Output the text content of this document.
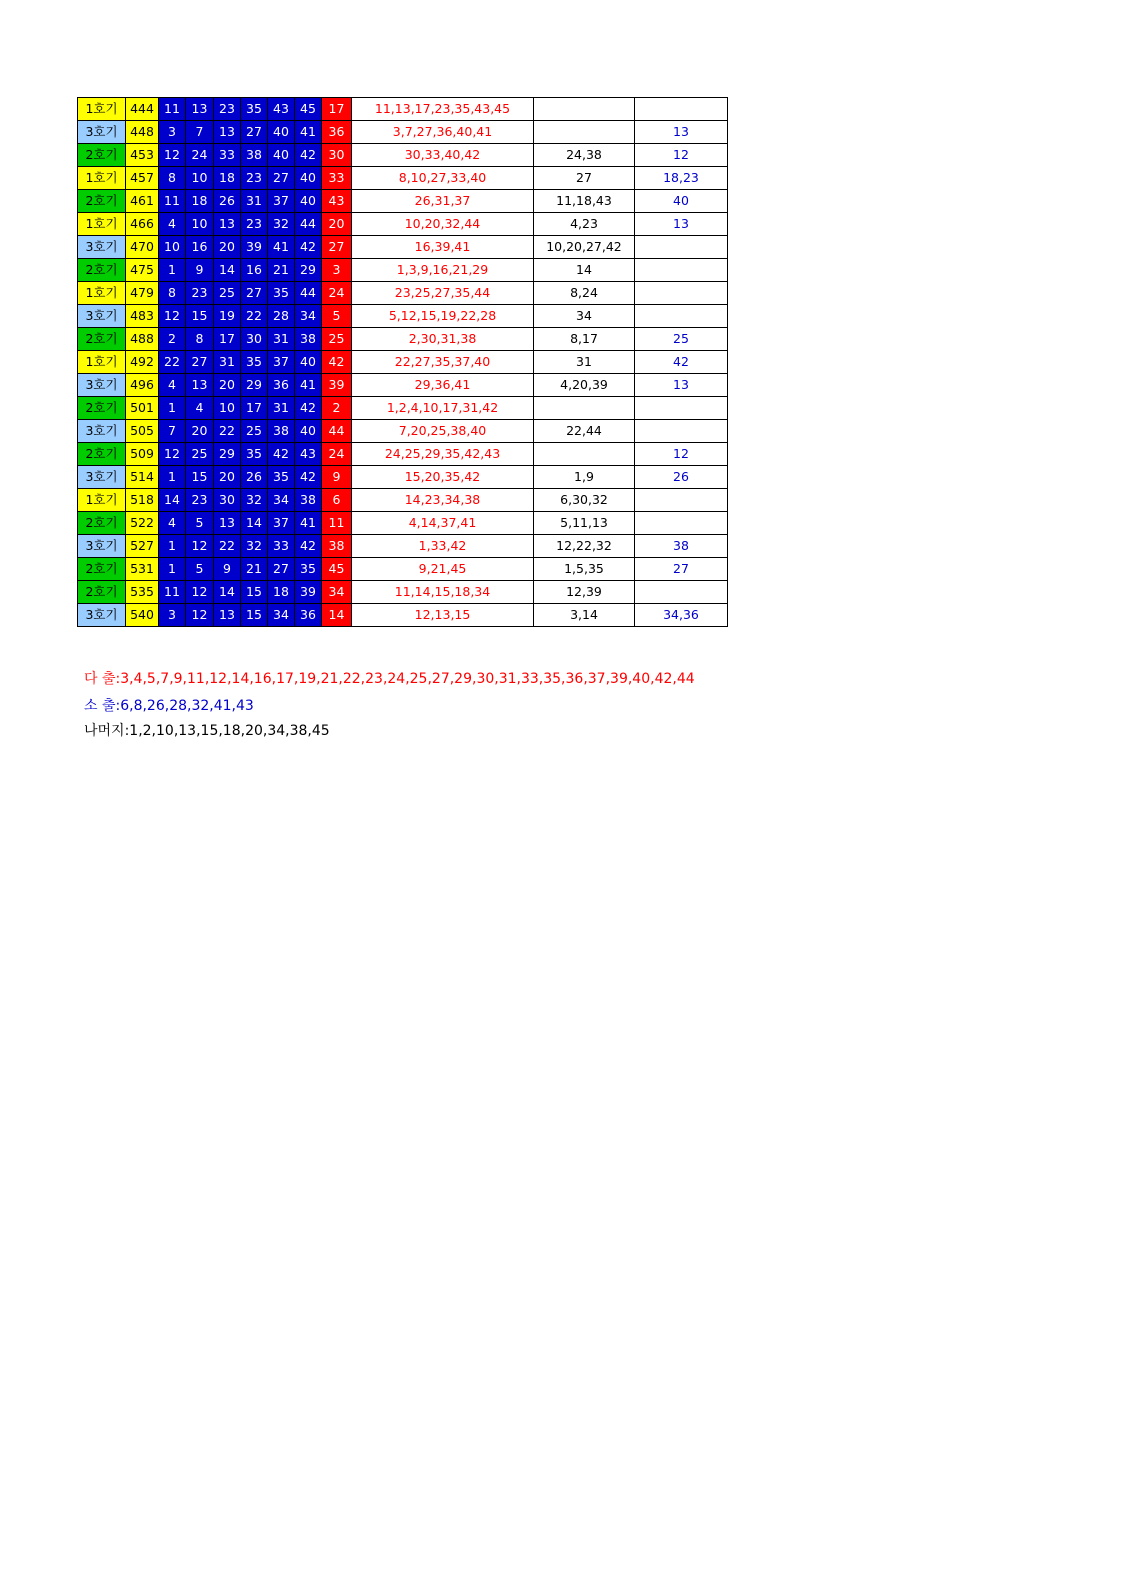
1호기	444	11	13	23	35	43	45	17	11,13,17,23,35,43,45		
3호기	448	3	7	13	27	40	41	36	3,7,27,36,40,41		13
2호기	453	12	24	33	38	40	42	30	30,33,40,42	24,38	12
1호기	457	8	10	18	23	27	40	33	8,10,27,33,40	27	18,23
2호기	461	11	18	26	31	37	40	43	26,31,37	11,18,43	40
1호기	466	4	10	13	23	32	44	20	10,20,32,44	4,23	13
3호기	470	10	16	20	39	41	42	27	16,39,41	10,20,27,42	
2호기	475	1	9	14	16	21	29	3	1,3,9,16,21,29	14	
1호기	479	8	23	25	27	35	44	24	23,25,27,35,44	8,24	
3호기	483	12	15	19	22	28	34	5	5,12,15,19,22,28	34	
2호기	488	2	8	17	30	31	38	25	2,30,31,38	8,17	25
1호기	492	22	27	31	35	37	40	42	22,27,35,37,40	31	42
3호기	496	4	13	20	29	36	41	39	29,36,41	4,20,39	13
2호기	501	1	4	10	17	31	42	2	1,2,4,10,17,31,42		
3호기	505	7	20	22	25	38	40	44	7,20,25,38,40	22,44	
2호기	509	12	25	29	35	42	43	24	24,25,29,35,42,43		12
3호기	514	1	15	20	26	35	42	9	15,20,35,42	1,9	26
1호기	518	14	23	30	32	34	38	6	14,23,34,38	6,30,32	
2호기	522	4	5	13	14	37	41	11	4,14,37,41	5,11,13	
3호기	527	1	12	22	32	33	42	38	1,33,42	12,22,32	38
2호기	531	1	5	9	21	27	35	45	9,21,45	1,5,35	27
2호기	535	11	12	14	15	18	39	34	11,14,15,18,34	12,39	
3호기	540	3	12	13	15	34	36	14	12,13,15	3,14	34,36
다 출:3,4,5,7,9,11,12,14,16,17,19,21,22,23,24,25,27,29,30,31,33,35,36,37,39,40,42,44
소 출:6,8,26,28,32,41,43
나머지:1,2,10,13,15,18,20,34,38,45
